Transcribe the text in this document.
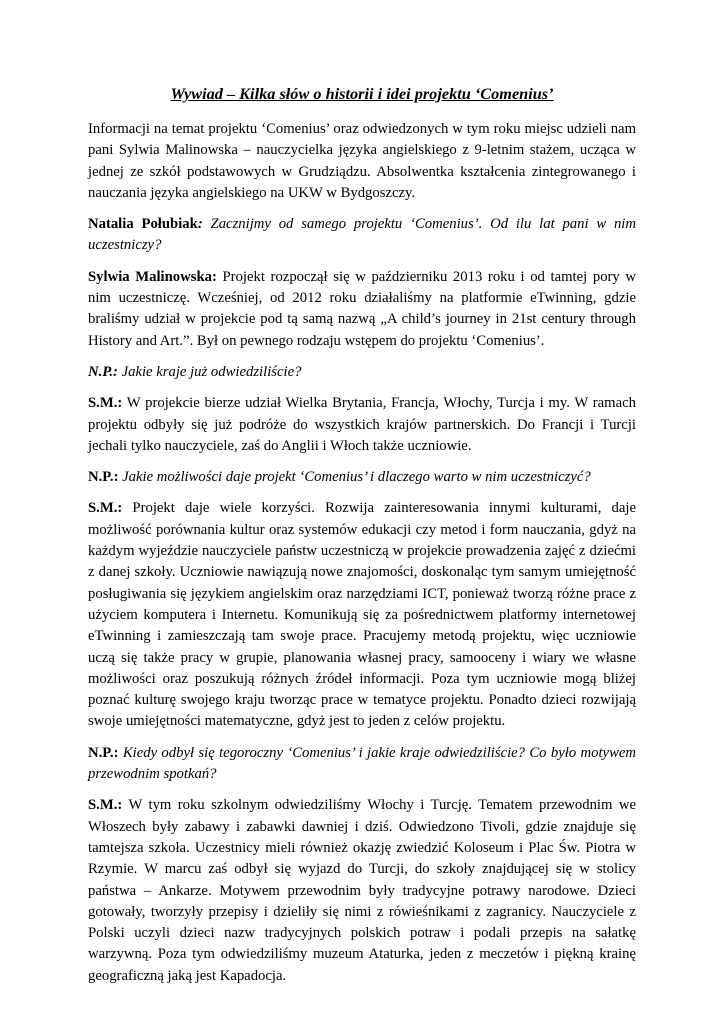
Wywiad – Kilka słów o historii i idei projektu ‘Comenius’

Informacji na temat projektu ‘Comenius’ oraz odwiedzonych w tym roku miejsc udzieli nam pani Sylwia Malinowska – nauczycielka języka angielskiego z 9-letnim stażem, ucząca w jednej ze szkół podstawowych w Grudziądzu. Absolwentka kształcenia zintegrowanego i nauczania języka angielskiego na UKW w Bydgoszczy.

Natalia Połubiak: Zacznijmy od samego projektu ‘Comenius’. Od ilu lat pani w nim uczestniczy?

Sylwia Malinowska: Projekt rozpoczął się w październiku 2013 roku i od tamtej pory w nim uczestniczę. Wcześniej, od 2012 roku działaliśmy na platformie eTwinning, gdzie braliśmy udział w projekcie pod tą samą nazwą „A child’s journey in 21st century through History and Art.”. Był on pewnego rodzaju wstępem do projektu ‘Comenius’.

N.P.: Jakie kraje już odwiedziliście?

S.M.: W projekcie bierze udział Wielka Brytania, Francja, Włochy, Turcja i my. W ramach projektu odbyły się już podróże do wszystkich krajów partnerskich. Do Francji i Turcji jechali tylko nauczyciele, zaś do Anglii i Włoch także uczniowie.

N.P.: Jakie możliwości daje projekt ‘Comenius’ i dlaczego warto w nim uczestniczyć?

S.M.: Projekt daje wiele korzyści. Rozwija zainteresowania innymi kulturami, daje możliwość porównania kultur oraz systemów edukacji czy metod i form nauczania, gdyż na każdym wyjeździe nauczyciele państw uczestniczą w projekcie prowadzenia zajęć z dziećmi z danej szkoły. Uczniowie nawiązują nowe znajomości, doskonaląc tym samym umiejętność posługiwania się językiem angielskim oraz narzędziami ICT, ponieważ tworzą różne prace z użyciem komputera i Internetu. Komunikują się za pośrednictwem platformy internetowej eTwinning i zamieszczają tam swoje prace. Pracujemy metodą projektu, więc uczniowie uczą się także pracy w grupie, planowania własnej pracy, samooceny i wiary we własne możliwości oraz poszukują różnych źródeł informacji. Poza tym uczniowie mogą bliżej poznać kulturę swojego kraju tworząc prace w tematyce projektu. Ponadto dzieci rozwijają swoje umiejętności matematyczne, gdyż jest to jeden z celów projektu.

N.P.: Kiedy odbył się tegoroczny ‘Comenius’ i jakie kraje odwiedziliście? Co było motywem przewodnim spotkań?

S.M.: W tym roku szkolnym odwiedziliśmy Włochy i Turcję. Tematem przewodnim we Włoszech były zabawy i zabawki dawniej i dziś. Odwiedzono Tivoli, gdzie znajduje się tamtejsza szkoła. Uczestnicy mieli również okazję zwiedzić Koloseum i Plac Św. Piotra w Rzymie. W marcu zaś odbył się wyjazd do Turcji, do szkoły znajdującej się w stolicy państwa – Ankarze. Motywem przewodnim były tradycyjne potrawy narodowe. Dzieci gotowały, tworzyły przepisy i dzieliły się nimi z rówieśnikami z zagranicy. Nauczyciele z Polski uczyli dzieci nazw tradycyjnych polskich potraw i podali przepis na sałatkę warzywną. Poza tym odwiedziliśmy muzeum Ataturka, jeden z meczetów i piękną krainę geograficzną jaką jest Kapadocja.
